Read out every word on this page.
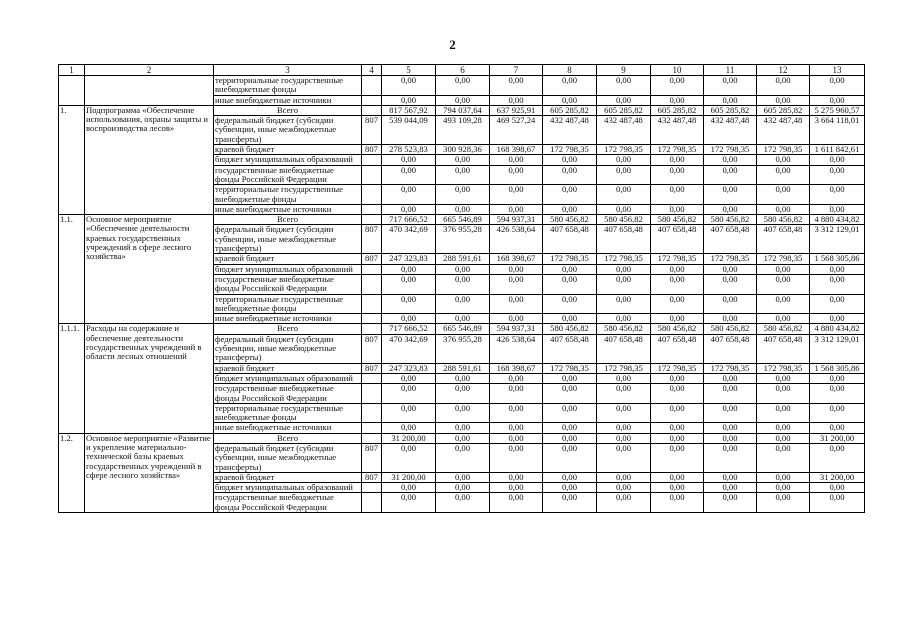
2
1	2	3	4	5	6	7	8	9	10	11	12	13
		территориальные государственные внебюджетные фонды		0,00	0,00	0,00	0,00	0,00	0,00	0,00	0,00	0,00
		иные внебюджетные источники		0,00	0,00	0,00	0,00	0,00	0,00	0,00	0,00	0,00
1.	Подпрограмма «Обеспечение использования, охраны защиты и воспроизводства лесов»	Всего		817 567,92	794 037,64	637 925,91	605 285,82	605 285,82	605 285,82	605 285,82	605 285,82	5 275 960,57
		федеральный бюджет (субсидии субвенции, иные межбюджетные трансферты)	807	539 044,09	493 109,28	469 527,24	432 487,48	432 487,48	432 487,48	432 487,48	432 487,48	3 664 118,01
		краевой бюджет	807	278 523,83	300 928,36	168 398,67	172 798,35	172 798,35	172 798,35	172 798,35	172 798,35	1 611 842,61
		бюджет муниципальных образований		0,00	0,00	0,00	0,00	0,00	0,00	0,00	0,00	0,00
		государственные внебюджетные фонды Российской Федерации		0,00	0,00	0,00	0,00	0,00	0,00	0,00	0,00	0,00
		территориальные государственные внебюджетные фонды		0,00	0,00	0,00	0,00	0,00	0,00	0,00	0,00	0,00
		иные внебюджетные источники		0,00	0,00	0,00	0,00	0,00	0,00	0,00	0,00	0,00
1.1.	Основное мероприятие «Обеспечение деятельности краевых государственных учреждений в сфере лесного хозяйства»	Всего		717 666,52	665 546,89	594 937,31	580 456,82	580 456,82	580 456,82	580 456,82	580 456,82	4 880 434,82
		федеральный бюджет (субсидии субвенции, иные межбюджетные трансферты)	807	470 342,69	376 955,28	426 538,64	407 658,48	407 658,48	407 658,48	407 658,48	407 658,48	3 312 129,01
		краевой бюджет	807	247 323,83	288 591,61	168 398,67	172 798,35	172 798,35	172 798,35	172 798,35	172 798,35	1 568 305,86
		бюджет муниципальных образований		0,00	0,00	0,00	0,00	0,00	0,00	0,00	0,00	0,00
		государственные внебюджетные фонды Российской Федерации		0,00	0,00	0,00	0,00	0,00	0,00	0,00	0,00	0,00
		территориальные государственные внебюджетные фонды		0,00	0,00	0,00	0,00	0,00	0,00	0,00	0,00	0,00
		иные внебюджетные источники		0,00	0,00	0,00	0,00	0,00	0,00	0,00	0,00	0,00
1.1.1.	Расходы на содержание и обеспечение деятельности государственных учреждений в области лесных отношений	Всего		717 666,52	665 546,89	594 937,31	580 456,82	580 456,82	580 456,82	580 456,82	580 456,82	4 880 434,82
		федеральный бюджет (субсидии субвенции, иные межбюджетные трансферты)	807	470 342,69	376 955,28	426 538,64	407 658,48	407 658,48	407 658,48	407 658,48	407 658,48	3 312 129,01
		краевой бюджет	807	247 323,83	288 591,61	168 398,67	172 798,35	172 798,35	172 798,35	172 798,35	172 798,35	1 568 305,86
		бюджет муниципальных образований		0,00	0,00	0,00	0,00	0,00	0,00	0,00	0,00	0,00
		государственные внебюджетные фонды Российской Федерации		0,00	0,00	0,00	0,00	0,00	0,00	0,00	0,00	0,00
		территориальные государственные внебюджетные фонды		0,00	0,00	0,00	0,00	0,00	0,00	0,00	0,00	0,00
		иные внебюджетные источники		0,00	0,00	0,00	0,00	0,00	0,00	0,00	0,00	0,00
1.2.	Основное мероприятие «Развитие и укрепление материально-технической базы краевых государственных учреждений в сфере лесного хозяйства»	Всего		31 200,00	0,00	0,00	0,00	0,00	0,00	0,00	0,00	31 200,00
		федеральный бюджет (субсидии субвенции, иные межбюджетные трансферты)	807	0,00	0,00	0,00	0,00	0,00	0,00	0,00	0,00	0,00
		краевой бюджет	807	31 200,00	0,00	0,00	0,00	0,00	0,00	0,00	0,00	31 200,00
		бюджет муниципальных образований		0,00	0,00	0,00	0,00	0,00	0,00	0,00	0,00	0,00
		государственные внебюджетные фонды Российской Федерации		0,00	0,00	0,00	0,00	0,00	0,00	0,00	0,00	0,00
